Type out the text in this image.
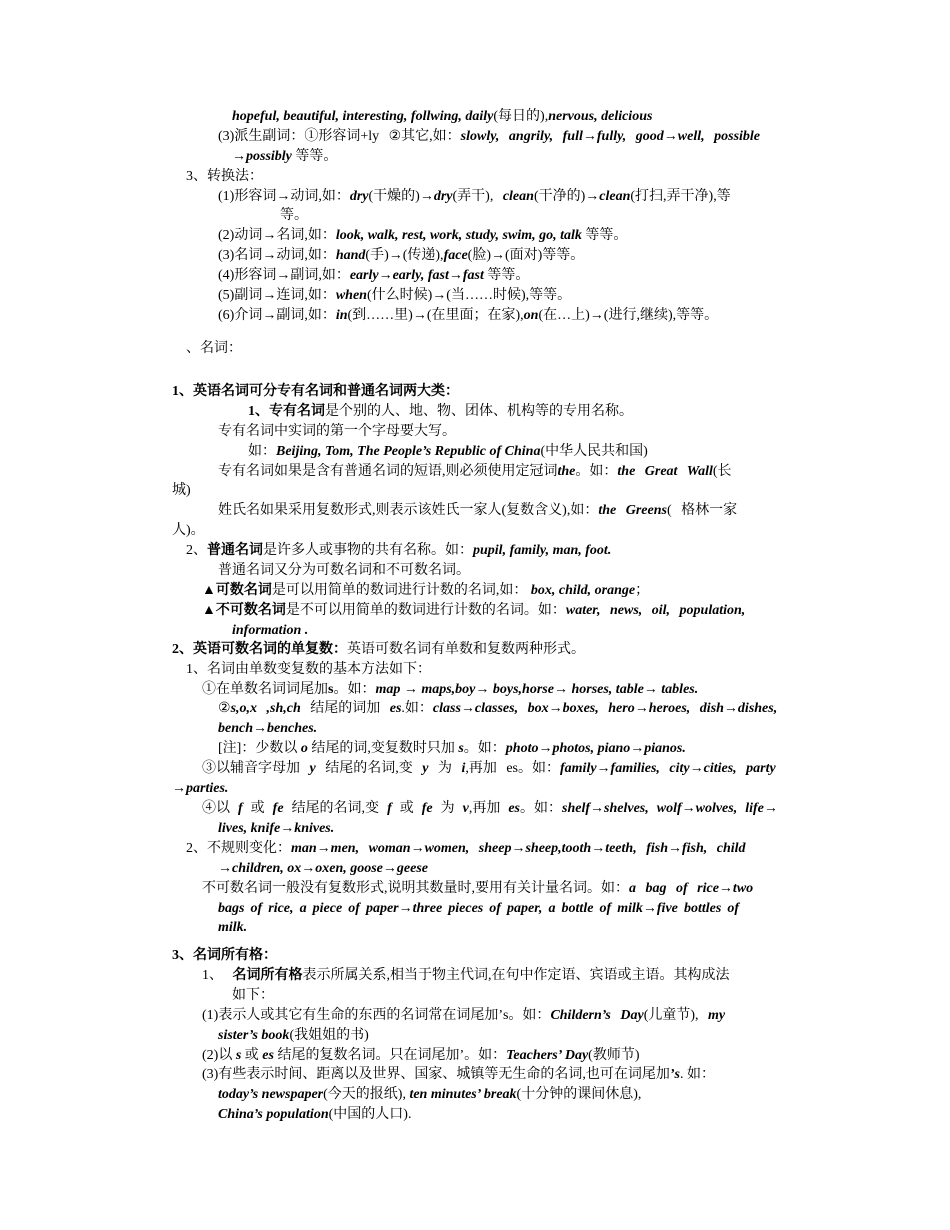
hopeful, beautiful, interesting, follwing, daily(每日的),nervous, delicious
(3)派生副词：①形容词+ly ②其它,如：slowly, angrily, full→fully, good→well, possible
→possibly 等等。
3、转换法：
(1)形容词→动词,如：dry(干燥的)→dry(弄干), clean(干净的)→clean(打扫,弄干净),等
等。
(2)动词→名词,如：look, walk, rest, work, study, swim, go, talk 等等。
(3)名词→动词,如：hand(手)→(传递),face(脸)→(面对)等等。
(4)形容词→副词,如：early→early, fast→fast 等等。
(5)副词→连词,如：when(什么时候)→(当……时候),等等。
(6)介词→副词,如：in(到……里)→(在里面；在家),on(在…上)→(进行,继续),等等。
、名词：
1、英语名词可分专有名词和普通名词两大类：
1、专有名词是个别的人、地、物、团体、机构等的专用名称。
专有名词中实词的第一个字母要大写。
如：Beijing, Tom, The People’s Republic of China(中华人民共和国)
专有名词如果是含有普通名词的短语,则必须使用定冠词the。如：the Great Wall(长
城)
姓氏名如果采用复数形式,则表示该姓氏一家人(复数含义),如：the Greens( 格林一家
人)。
2、普通名词是许多人或事物的共有名称。如：pupil, family, man, foot.
普通名词又分为可数名词和不可数名词。
▲可数名词是可以用简单的数词进行计数的名词,如： box, child, orange；
▲不可数名词是不可以用简单的数词进行计数的名词。如：water, news, oil, population,
information .
2、英语可数名词的单复数：英语可数名词有单数和复数两种形式。
1、名词由单数变复数的基本方法如下：
①在单数名词词尾加s。如：map → maps,boy→ boys,horse→ horses, table→ tables.
②s,o,x ,sh,ch 结尾的词加 es.如：class→classes, box→boxes, hero→heroes, dish→dishes,
bench→benches.
[注]：少数以 o 结尾的词,变复数时只加 s。如：photo→photos, piano→pianos.
③以辅音字母加 y 结尾的名词,变 y 为 i,再加 es。如：family→families, city→cities, party
→parties.
④以 f 或 fe 结尾的名词,变 f 或 fe 为 v,再加 es。如：shelf→shelves, wolf→wolves, life→
lives, knife→knives.
2、不规则变化：man→men, woman→women, sheep→sheep,tooth→teeth, fish→fish, child
→children, ox→oxen, goose→geese
不可数名词一般没有复数形式,说明其数量时,要用有关计量名词。如：a bag of rice→two
bags of rice, a piece of paper→three pieces of paper, a bottle of milk→five bottles of
milk.
3、名词所有格：
1、 名词所有格表示所属关系,相当于物主代词,在句中作定语、宾语或主语。其构成法
如下：
(1)表示人或其它有生命的东西的名词常在词尾加’s。如：Childern’s Day(儿童节), my
sister’s book(我姐姐的书)
(2)以 s 或 es 结尾的复数名词。只在词尾加’。如：Teachers’ Day(教师节)
(3)有些表示时间、距离以及世界、国家、城镇等无生命的名词,也可在词尾加’s. 如：
today’s newspaper(今天的报纸), ten minutes’ break(十分钟的课间休息),
China’s population(中国的人口).
